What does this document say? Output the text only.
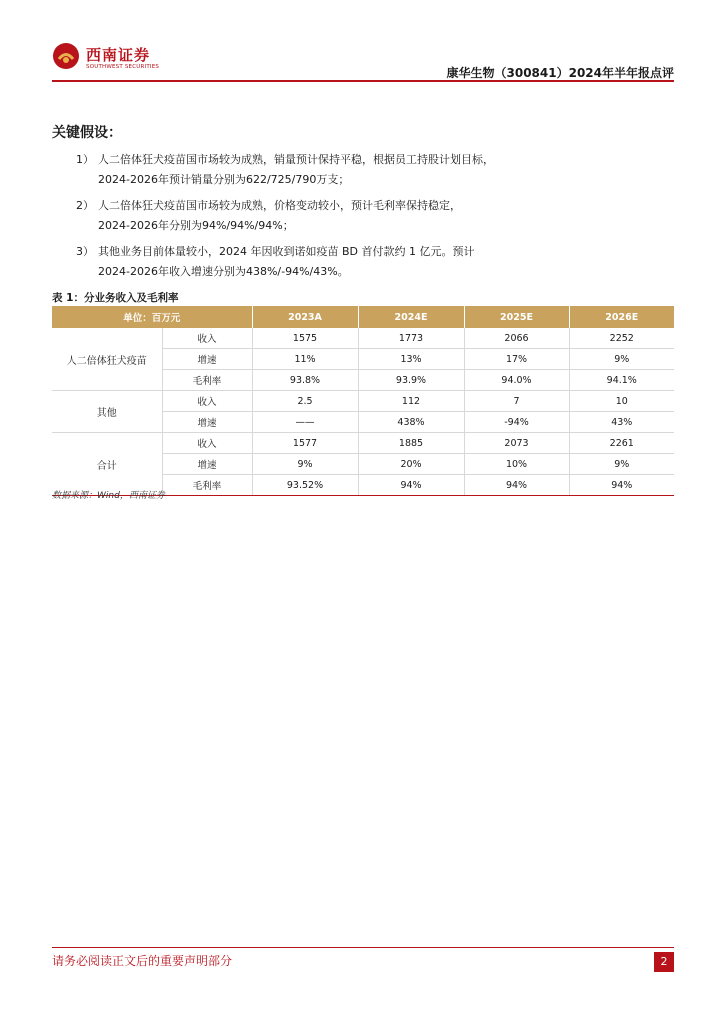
西南证券
SOUTHWEST SECURITIES	康华生物（300841）2024年半年报点评
关键假设：
1） 人二倍体狂犬疫苗国市场较为成熟，销量预计保持平稳，根据员工持股计划目标，
2024-2026年预计销量分别为622/725/790万支；
2） 人二倍体狂犬疫苗国市场较为成熟，价格变动较小，预计毛利率保持稳定，
2024-2026年分别为94%/94%/94%；
3） 其他业务目前体量较小，2024 年因收到诺如疫苗 BD 首付款约 1 亿元。预计
2024-2026年收入增速分别为438%/-94%/43%。
表 1：分业务收入及毛利率
单位：百万元		2023A	2024E	2025E	2026E
人二倍体狂犬疫苗	收入	1575	1773	2066	2252
	增速	11%	13%	17%	9%
	毛利率	93.8%	93.9%	94.0%	94.1%
其他	收入	2.5	112	7	10
	增速	——	438%	-94%	43%
合计	收入	1577	1885	2073	2261
	增速	9%	20%	10%	9%
	毛利率	93.52%	94%	94%	94%
数据来源：Wind，西南证券
请务必阅读正文后的重要声明部分	2
